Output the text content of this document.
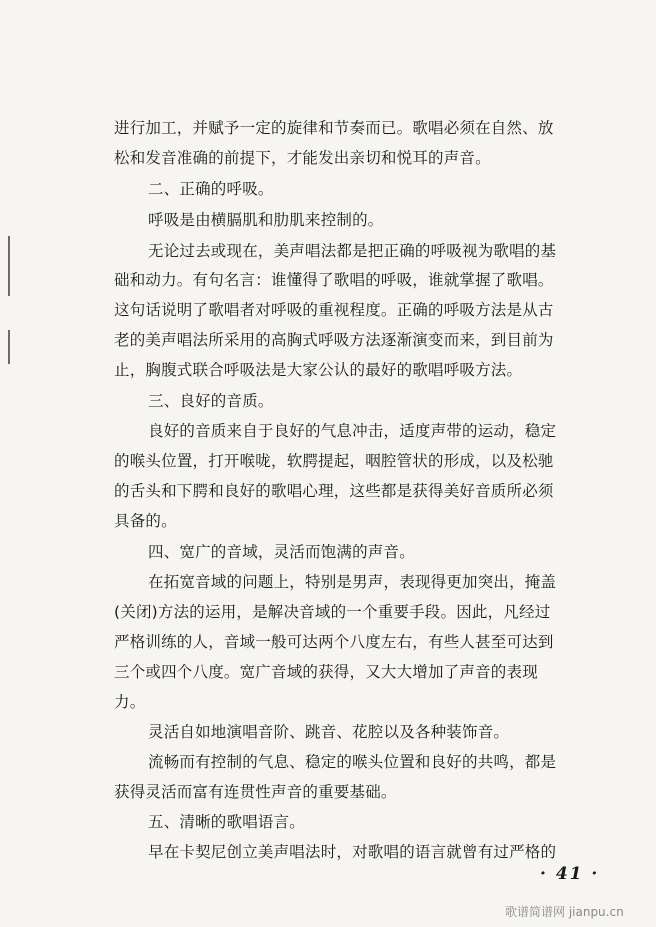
进行加工，并赋予一定的旋律和节奏而已。歌唱必须在自然、放
松和发音准确的前提下，才能发出亲切和悦耳的声音。
二、正确的呼吸。
呼吸是由横膈肌和肋肌来控制的。
无论过去或现在，美声唱法都是把正确的呼吸视为歌唱的基
础和动力。有句名言：谁懂得了歌唱的呼吸，谁就掌握了歌唱。
这句话说明了歌唱者对呼吸的重视程度。正确的呼吸方法是从古
老的美声唱法所采用的高胸式呼吸方法逐渐演变而来，到目前为
止，胸腹式联合呼吸法是大家公认的最好的歌唱呼吸方法。
三、良好的音质。
良好的音质来自于良好的气息冲击，适度声带的运动，稳定
的喉头位置，打开喉咙，软腭提起，咽腔管状的形成，以及松驰
的舌头和下腭和良好的歌唱心理，这些都是获得美好音质所必须
具备的。
四、宽广的音域，灵活而饱满的声音。
在拓宽音域的问题上，特别是男声，表现得更加突出，掩盖
(关闭)方法的运用，是解决音域的一个重要手段。因此，凡经过
严格训练的人，音域一般可达两个八度左右，有些人甚至可达到
三个或四个八度。宽广音域的获得，又大大增加了声音的表现
力。
灵活自如地演唱音阶、跳音、花腔以及各种装饰音。
流畅而有控制的气息、稳定的喉头位置和良好的共鸣，都是
获得灵活而富有连贯性声音的重要基础。
五、清晰的歌唱语言。
早在卡契尼创立美声唱法时，对歌唱的语言就曾有过严格的
· 41 ·
歌谱简谱网 jianpu.cn
